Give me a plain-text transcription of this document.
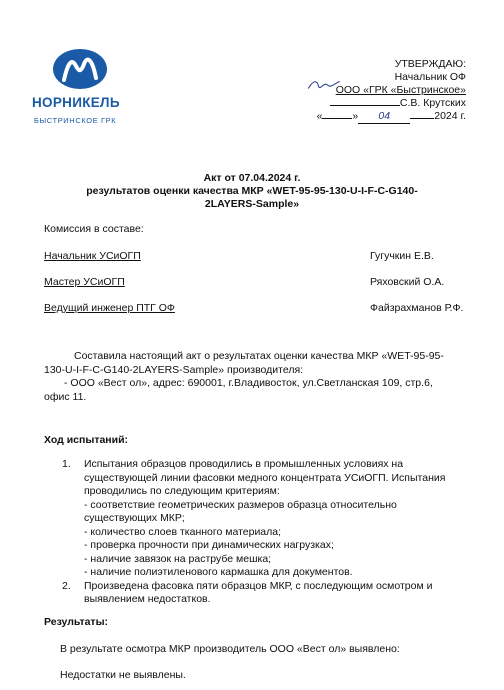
НОРНИКЕЛЬ
БЫСТРИНСКОЕ ГРК
УТВЕРЖДАЮ:
Начальник ОФ
ООО «ГРК «Быстринское»
С.В. Крутских
«	» 04	2024 г.
Акт от 07.04.2024 г.
результатов оценки качества МКР «WET-95-95-130-U-I-F-C-G140-
2LAYERS-Sample»
Комиссия в составе:
Начальник УСиОГП	Гугучкин Е.В.
Мастер УСиОГП	Ряховский О.А.
Ведущий инженер ПТГ ОФ	Файзрахманов Р.Ф.
Составила настоящий акт о результатах оценки качества МКР «WET-95-95-
130-U-I-F-C-G140-2LAYERS-Sample» производителя:
- ООО «Вест ол», адрес: 690001, г.Владивосток, ул.Светланская 109, стр.6,
офис 11.
Ход испытаний:
1. Испытания образцов проводились в промышленных условиях на
существующей линии фасовки медного концентрата УСиОГП. Испытания
проводились по следующим критериям:
- соответствие геометрических размеров образца относительно
существующих МКР;
- количество слоев тканного материала;
- проверка прочности при динамических нагрузках;
- наличие завязок на раструбе мешка;
- наличие полиэтиленового кармашка для документов.
2. Произведена фасовка пяти образцов МКР, с последующим осмотром и
выявлением недостатков.
Результаты:
В результате осмотра МКР производитель ООО «Вест ол» выявлено:
Недостатки не выявлены.
